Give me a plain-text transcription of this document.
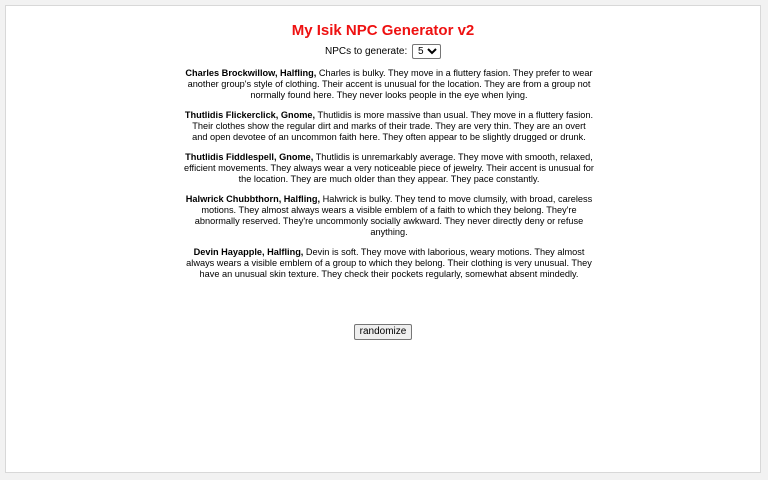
My Isik NPC Generator v2
NPCs to generate:
5

Charles Brockwillow, Halfling, Charles is bulky. They move in a fluttery fasion. They prefer to wear another group's style of clothing. Their accent is unusual for the location. They are from a group not normally found here. They never looks people in the eye when lying.

Thutlidis Flickerclick, Gnome, Thutlidis is more massive than usual. They move in a fluttery fasion. Their clothes show the regular dirt and marks of their trade. They are very thin. They are an overt and open devotee of an uncommon faith here. They often appear to be slightly drugged or drunk.

Thutlidis Fiddlespell, Gnome, Thutlidis is unremarkably average. They move with smooth, relaxed, efficient movements. They always wear a very noticeable piece of jewelry. Their accent is unusual for the location. They are much older than they appear. They pace constantly.

Halwrick Chubbthorn, Halfling, Halwrick is bulky. They tend to move clumsily, with broad, careless motions. They almost always wears a visible emblem of a faith to which they belong. They're abnormally reserved. They're uncommonly socially awkward. They never directly deny or refuse anything.

Devin Hayapple, Halfling, Devin is soft. They move with laborious, weary motions. They almost always wears a visible emblem of a group to which they belong. Their clothing is very unusual. They have an unusual skin texture. They check their pockets regularly, somewhat absent mindedly.

randomize
